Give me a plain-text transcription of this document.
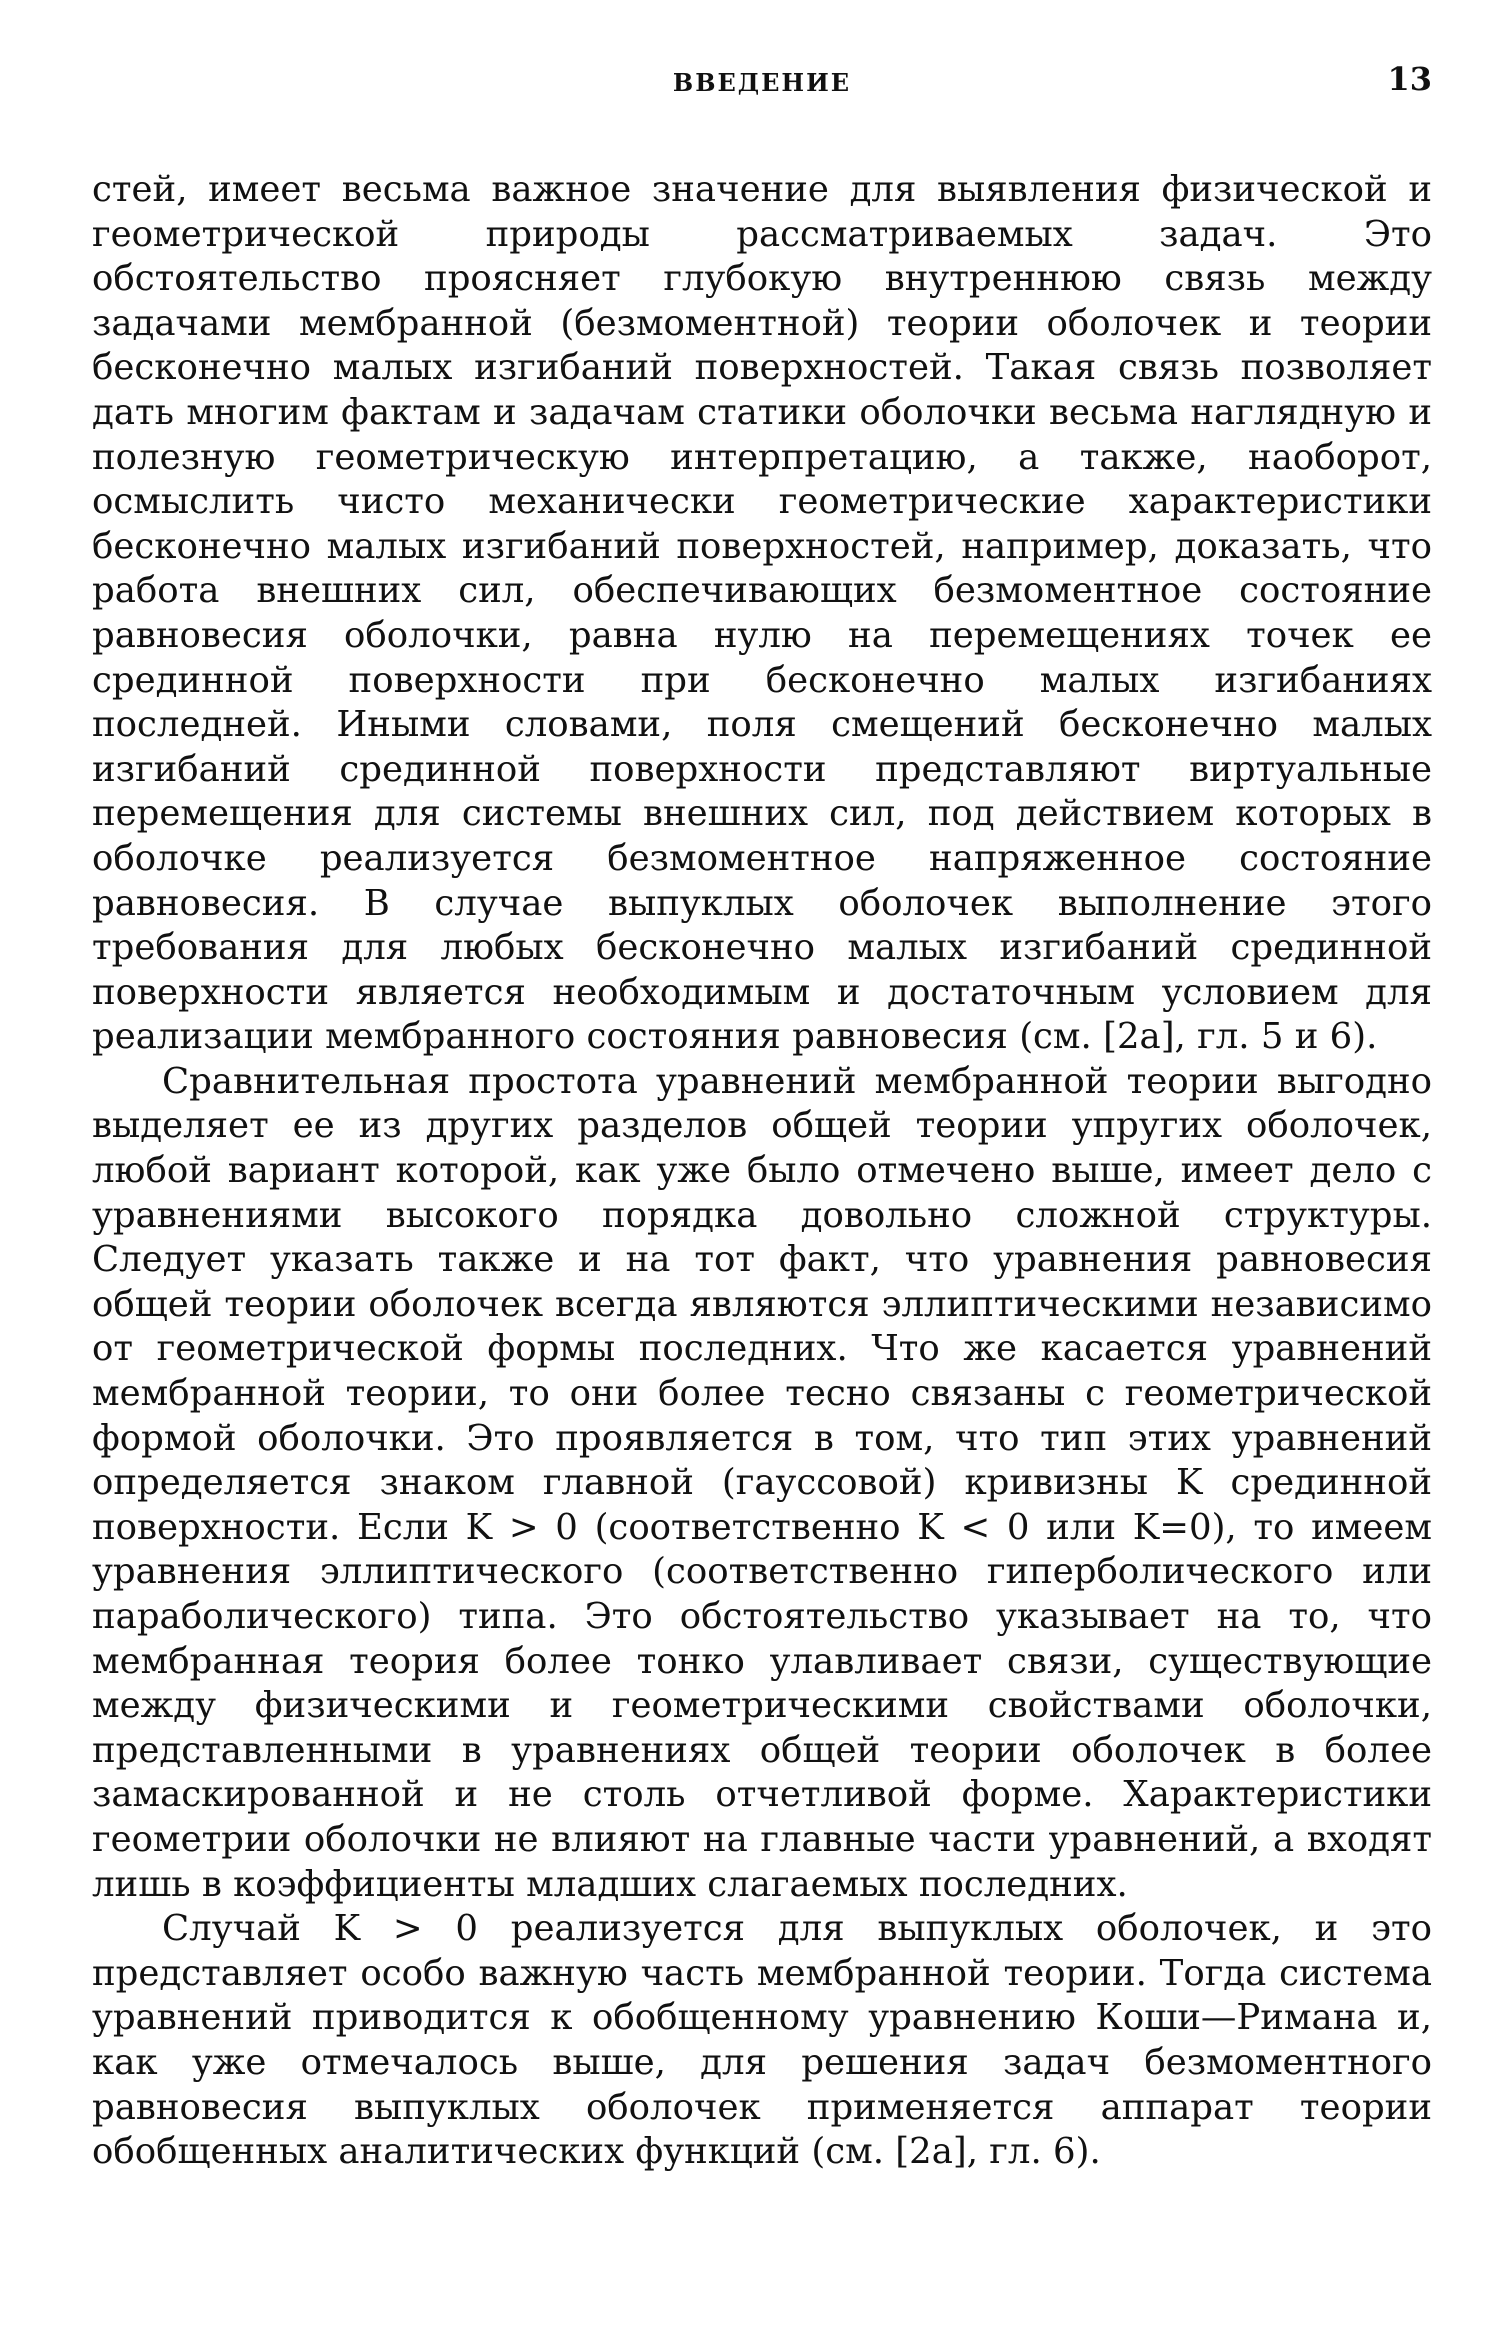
ВВЕДЕНИЕ	13

стей, имеет весьма важное значение для выявления физической и геометрической природы рассматриваемых задач. Это обстоятельство проясняет глубокую внутреннюю связь между задачами мембранной (безмоментной) теории оболочек и теории бесконечно малых изгибаний поверхностей. Такая связь позволяет дать многим фактам и задачам статики оболочки весьма наглядную и полезную геометрическую интерпретацию, а также, наоборот, осмыслить чисто механически геометрические характеристики бесконечно малых изгибаний поверхностей, например, доказать, что работа внешних сил, обеспечивающих безмоментное состояние равновесия оболочки, равна нулю на перемещениях точек ее срединной поверхности при бесконечно малых изгибаниях последней. Иными словами, поля смещений бесконечно малых изгибаний срединной поверхности представляют виртуальные перемещения для системы внешних сил, под действием которых в оболочке реализуется безмоментное напряженное состояние равновесия. В случае выпуклых оболочек выполнение этого требования для любых бесконечно малых изгибаний срединной поверхности является необходимым и достаточным условием для реализации мембранного состояния равновесия (см. [2а], гл. 5 и 6).

Сравнительная простота уравнений мембранной теории выгодно выделяет ее из других разделов общей теории упругих оболочек, любой вариант которой, как уже было отмечено выше, имеет дело с уравнениями высокого порядка довольно сложной структуры. Следует указать также и на тот факт, что уравнения равновесия общей теории оболочек всегда являются эллиптическими независимо от геометрической формы последних. Что же касается уравнений мембранной теории, то они более тесно связаны с геометрической формой оболочки. Это проявляется в том, что тип этих уравнений определяется знаком главной (гауссовой) кривизны K срединной поверхности. Если K > 0 (соответственно K < 0 или K=0), то имеем уравнения эллиптического (соответственно гиперболического или параболического) типа. Это обстоятельство указывает на то, что мембранная теория более тонко улавливает связи, существующие между физическими и геометрическими свойствами оболочки, представленными в уравнениях общей теории оболочек в более замаскированной и не столь отчетливой форме. Характеристики геометрии оболочки не влияют на главные части уравнений, а входят лишь в коэффициенты младших слагаемых последних.

Случай K > 0 реализуется для выпуклых оболочек, и это представляет особо важную часть мембранной теории. Тогда система уравнений приводится к обобщенному уравнению Коши—Римана и, как уже отмечалось выше, для решения задач безмоментного равновесия выпуклых оболочек применяется аппарат теории обобщенных аналитических функций (см. [2а], гл. 6).
